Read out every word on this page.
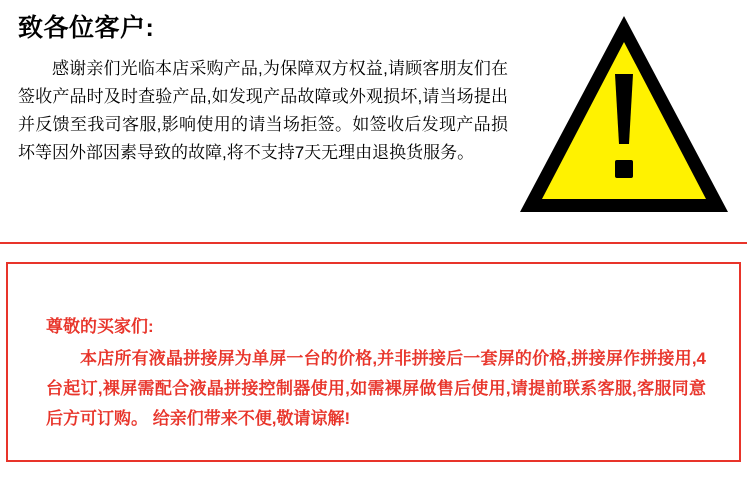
致各位客户:
感谢亲们光临本店采购产品,为保障双方权益,请顾客朋友们在签收产品时及时查验产品,如发现产品故障或外观损坏,请当场提出并反馈至我司客服,影响使用的请当场拒签。如签收后发现产品损坏等因外部因素导致的故障,将不支持7天无理由退换货服务。
尊敬的买家们:
本店所有液晶拼接屏为单屏一台的价格,并非拼接后一套屏的价格,拼接屏作拼接用,4台起订,裸屏需配合液晶拼接控制器使用,如需裸屏做售后使用,请提前联系客服,客服同意后方可订购。 给亲们带来不便,敬请谅解!
